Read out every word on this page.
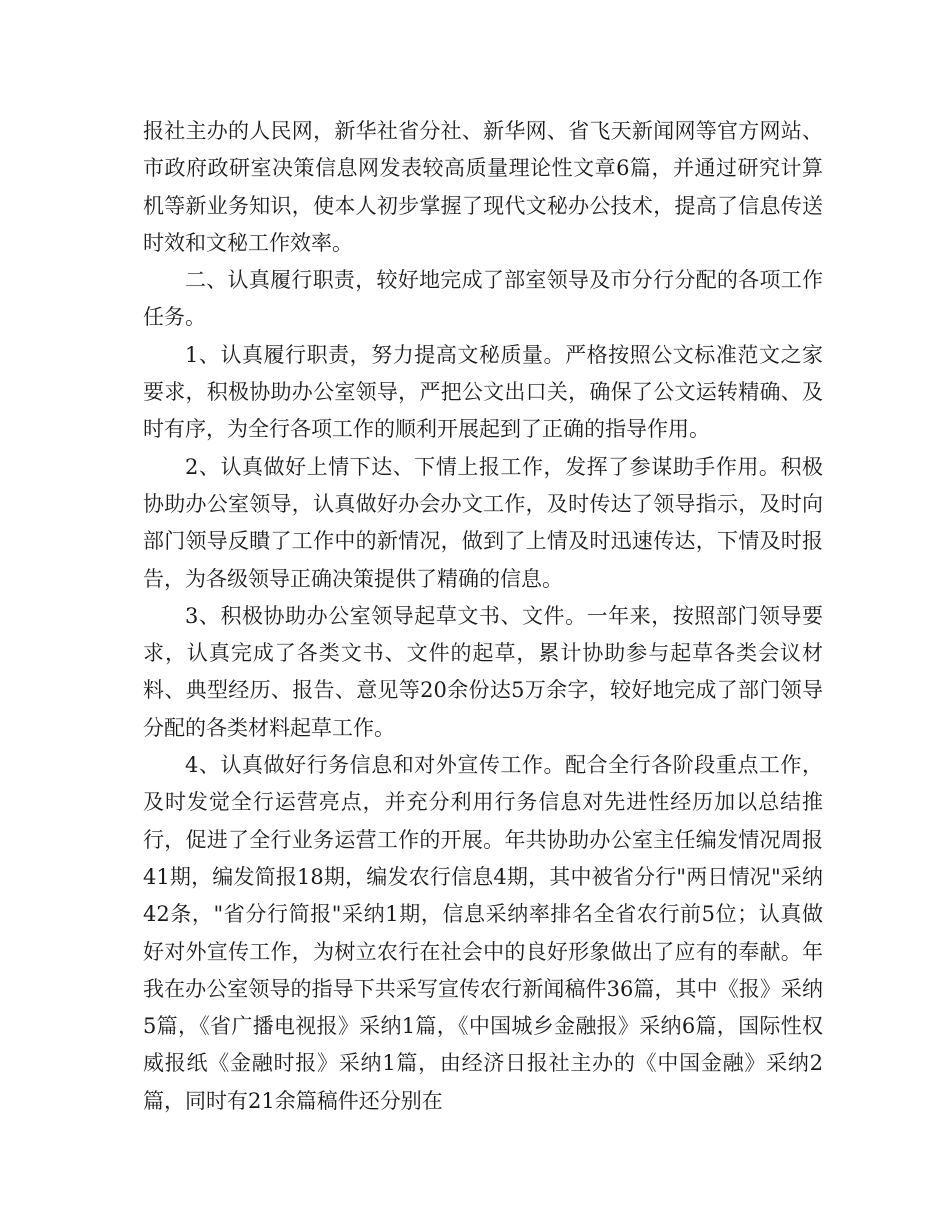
报社主办的人民网，新华社省分社、新华网、省飞天新闻网等官方网站、市政府政研室决策信息网发表较高质量理论性文章6篇，并通过研究计算机等新业务知识，使本人初步掌握了现代文秘办公技术，提高了信息传送时效和文秘工作效率。

二、认真履行职责，较好地完成了部室领导及市分行分配的各项工作任务。

1、认真履行职责，努力提高文秘质量。严格按照公文标准范文之家要求，积极协助办公室领导，严把公文出口关，确保了公文运转精确、及时有序，为全行各项工作的顺利开展起到了正确的指导作用。

2、认真做好上情下达、下情上报工作，发挥了参谋助手作用。积极协助办公室领导，认真做好办会办文工作，及时传达了领导指示，及时向部门领导反瞶了工作中的新情况，做到了上情及时迅速传达，下情及时报告，为各级领导正确决策提供了精确的信息。

3、积极协助办公室领导起草文书、文件。一年来，按照部门领导要求，认真完成了各类文书、文件的起草，累计协助参与起草各类会议材料、典型经历、报告、意见等20余份达5万余字，较好地完成了部门领导分配的各类材料起草工作。

4、认真做好行务信息和对外宣传工作。配合全行各阶段重点工作，及时发觉全行运营亮点，并充分利用行务信息对先进性经历加以总结推行，促进了全行业务运营工作的开展。年共协助办公室主任编发情况周报41期，编发简报18期，编发农行信息4期，其中被省分行"两日情况"采纳42条，"省分行简报"采纳1期，信息采纳率排名全省农行前5位；认真做好对外宣传工作，为树立农行在社会中的良好形象做出了应有的奉献。年我在办公室领导的指导下共采写宣传农行新闻稿件36篇，其中《报》采纳5篇，《省广播电视报》采纳1篇，《中国城乡金融报》采纳6篇，国际性权威报纸《金融时报》采纳1篇，由经济日报社主办的《中国金融》采纳2篇，同时有21余篇稿件还分别在
